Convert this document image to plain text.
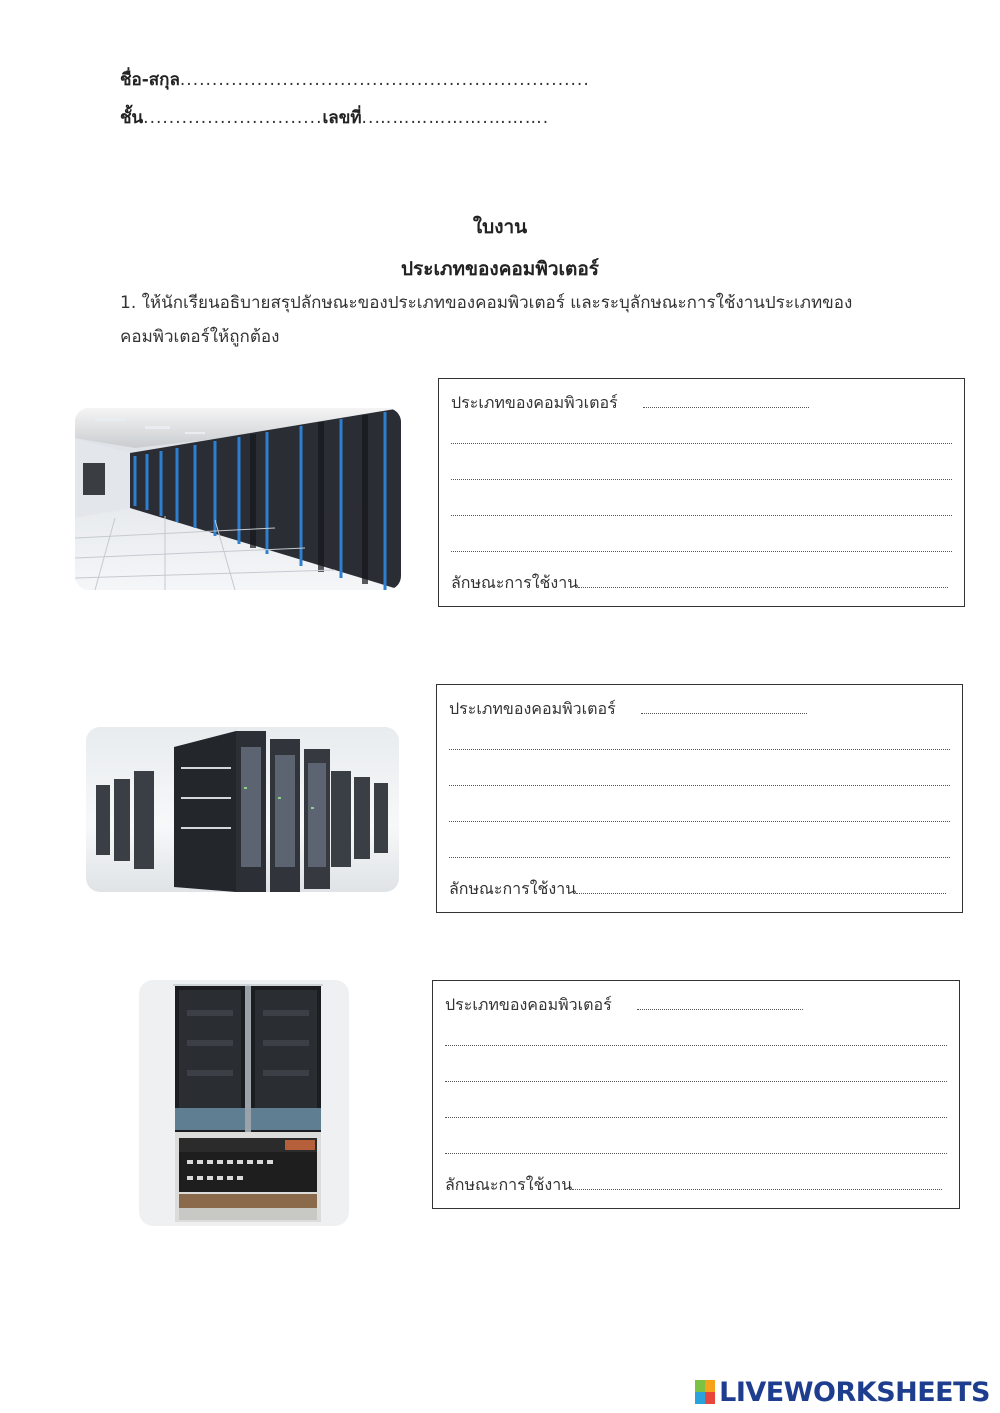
ชื่อ-สกุล................................................................
ชั้น............................เลขที่..……………….……….
ใบงาน
ประเภทของคอมพิวเตอร์
1. ให้นักเรียนอธิบายสรุปลักษณะของประเภทของคอมพิวเตอร์ และระบุลักษณะการใช้งานประเภทของคอมพิวเตอร์ให้ถูกต้อง
ประเภทของคอมพิวเตอร์
ลักษณะการใช้งาน
ประเภทของคอมพิวเตอร์
ลักษณะการใช้งาน
ประเภทของคอมพิวเตอร์
ลักษณะการใช้งาน
LIVEWORKSHEETS
